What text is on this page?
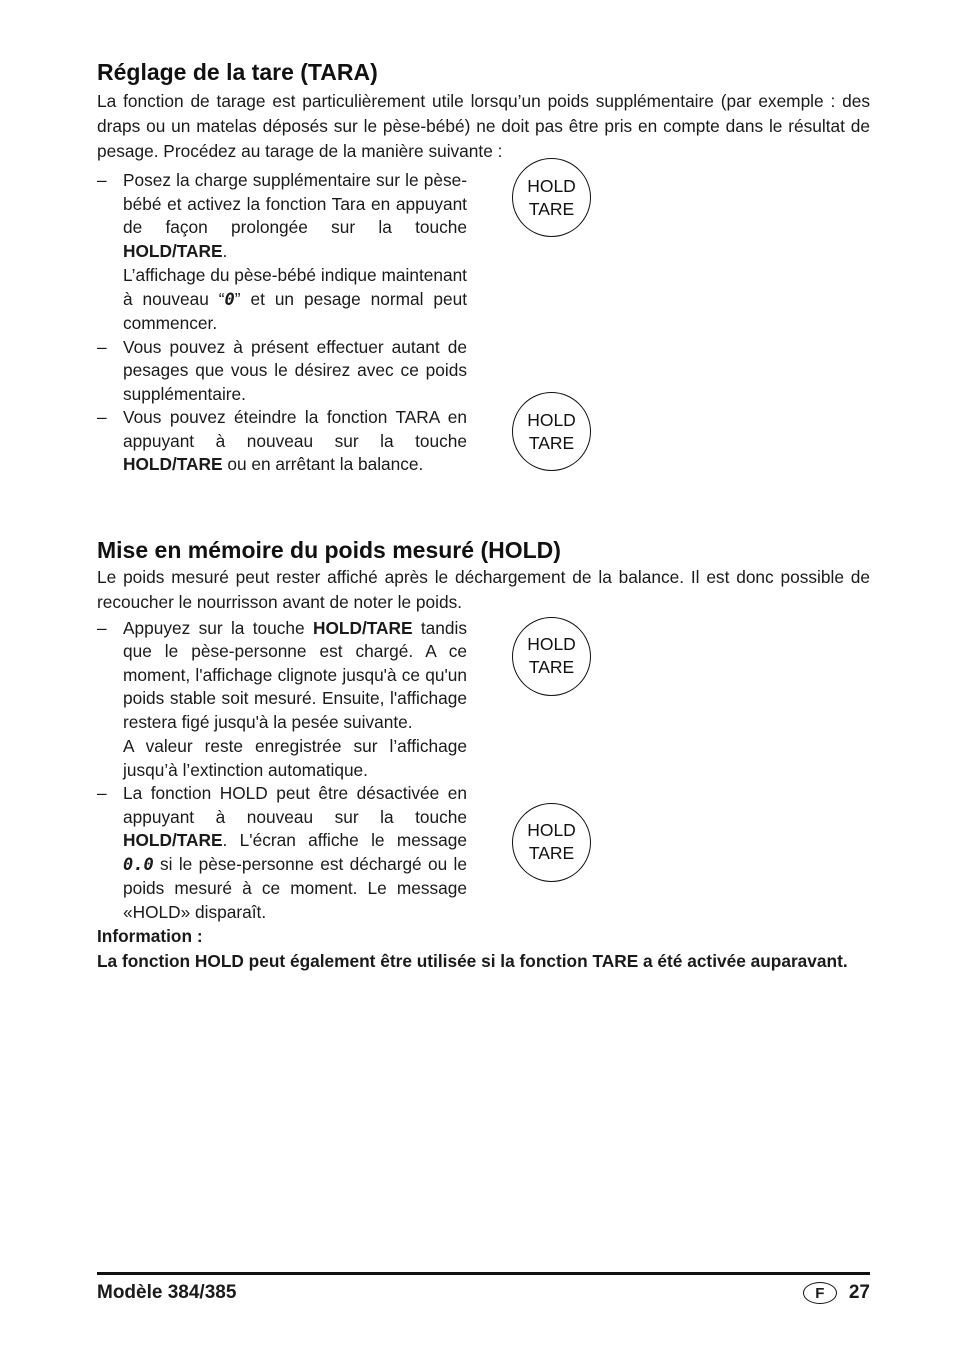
Réglage de la tare (TARA)

La fonction de tarage est particulièrement utile lorsqu’un poids supplémentaire (par exemple : des draps ou un matelas déposés sur le pèse-bébé) ne doit pas être pris en compte dans le résultat de pesage. Procédez au tarage de la manière suivante :

– Posez la charge supplémentaire sur le pèse-bébé et activez la fonction Tara en appuyant de façon prolongée sur la touche HOLD/TARE.

L’affichage du pèse-bébé indique maintenant à nouveau “0” et un pesage normal peut commencer.

– Vous pouvez à présent effectuer autant de pesages que vous le désirez avec ce poids supplémentaire.

– Vous pouvez éteindre la fonction TARA en appuyant à nouveau sur la touche HOLD/TARE ou en arrêtant la balance.

HOLD
TARE
HOLD
TARE
Mise en mémoire du poids mesuré (HOLD)

Le poids mesuré peut rester affiché après le déchargement de la balance. Il est donc possible de recoucher le nourrisson avant de noter le poids.

– Appuyez sur la touche HOLD/TARE tandis que le pèse-personne est chargé. A ce moment, l'affichage clignote jusqu'à ce qu'un poids stable soit mesuré. Ensuite, l'affichage restera figé jusqu'à la pesée suivante.

A valeur reste enregistrée sur l’affichage jusqu’à l’extinction automatique.

– La fonction HOLD peut être désactivée en appuyant à nouveau sur la touche HOLD/TARE. L'écran affiche le message 0.0 si le pèse-personne est déchargé ou le poids mesuré à ce moment. Le message «HOLD» disparaît.

HOLD
TARE
HOLD
TARE

Information :

La fonction HOLD peut également être utilisée si la fonction TARE a été activée auparavant.

Modèle 384/385	F	27
